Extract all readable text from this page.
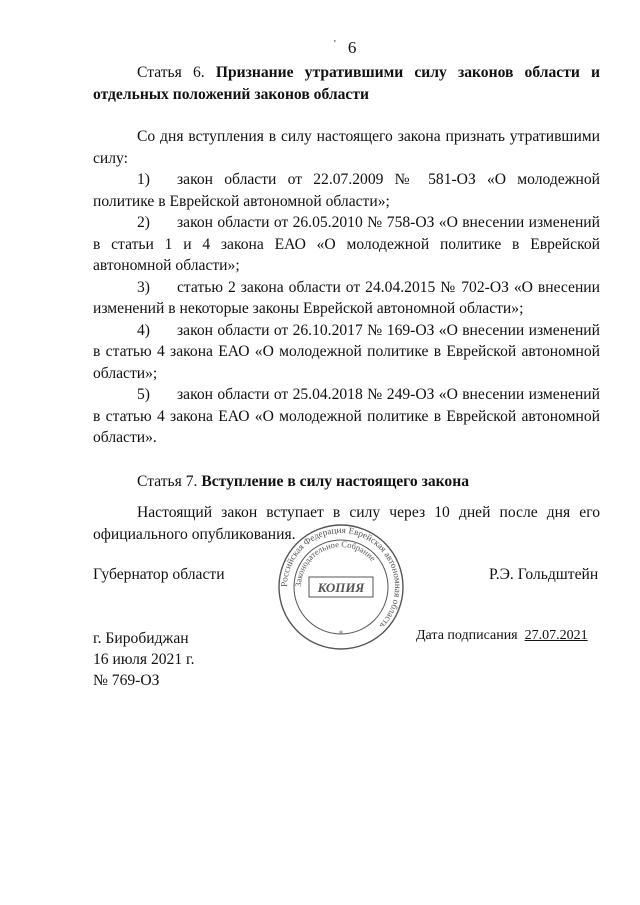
' 6
Статья 6. Признание утратившими силу законов области и отдельных положений законов области
Со дня вступления в силу настоящего закона признать утратившими силу:
1) закон области от 22.07.2009 № 581-ОЗ «О молодежной политике в Еврейской автономной области»;
2) закон области от 26.05.2010 № 758-ОЗ «О внесении изменений в статьи 1 и 4 закона ЕАО «О молодежной политике в Еврейской автономной области»;
3) статью 2 закона области от 24.04.2015 № 702-ОЗ «О внесении изменений в некоторые законы Еврейской автономной области»;
4) закон области от 26.10.2017 № 169-ОЗ «О внесении изменений в статью 4 закона ЕАО «О молодежной политике в Еврейской автономной области»;
5) закон области от 25.04.2018 № 249-ОЗ «О внесении изменений в статью 4 закона ЕАО «О молодежной политике в Еврейской автономной области».
Статья 7. Вступление в силу настоящего закона
Настоящий закон вступает в силу через 10 дней после дня его официального опубликования.
Губернатор области	Р.Э. Гольдштейн
г. Биробиджан
16 июля 2021 г.
№ 769-ОЗ
Дата подписания 27.07.2021
Российская Федерация Еврейская автономная область
Законодательное Собрание
КОПИЯ
*
